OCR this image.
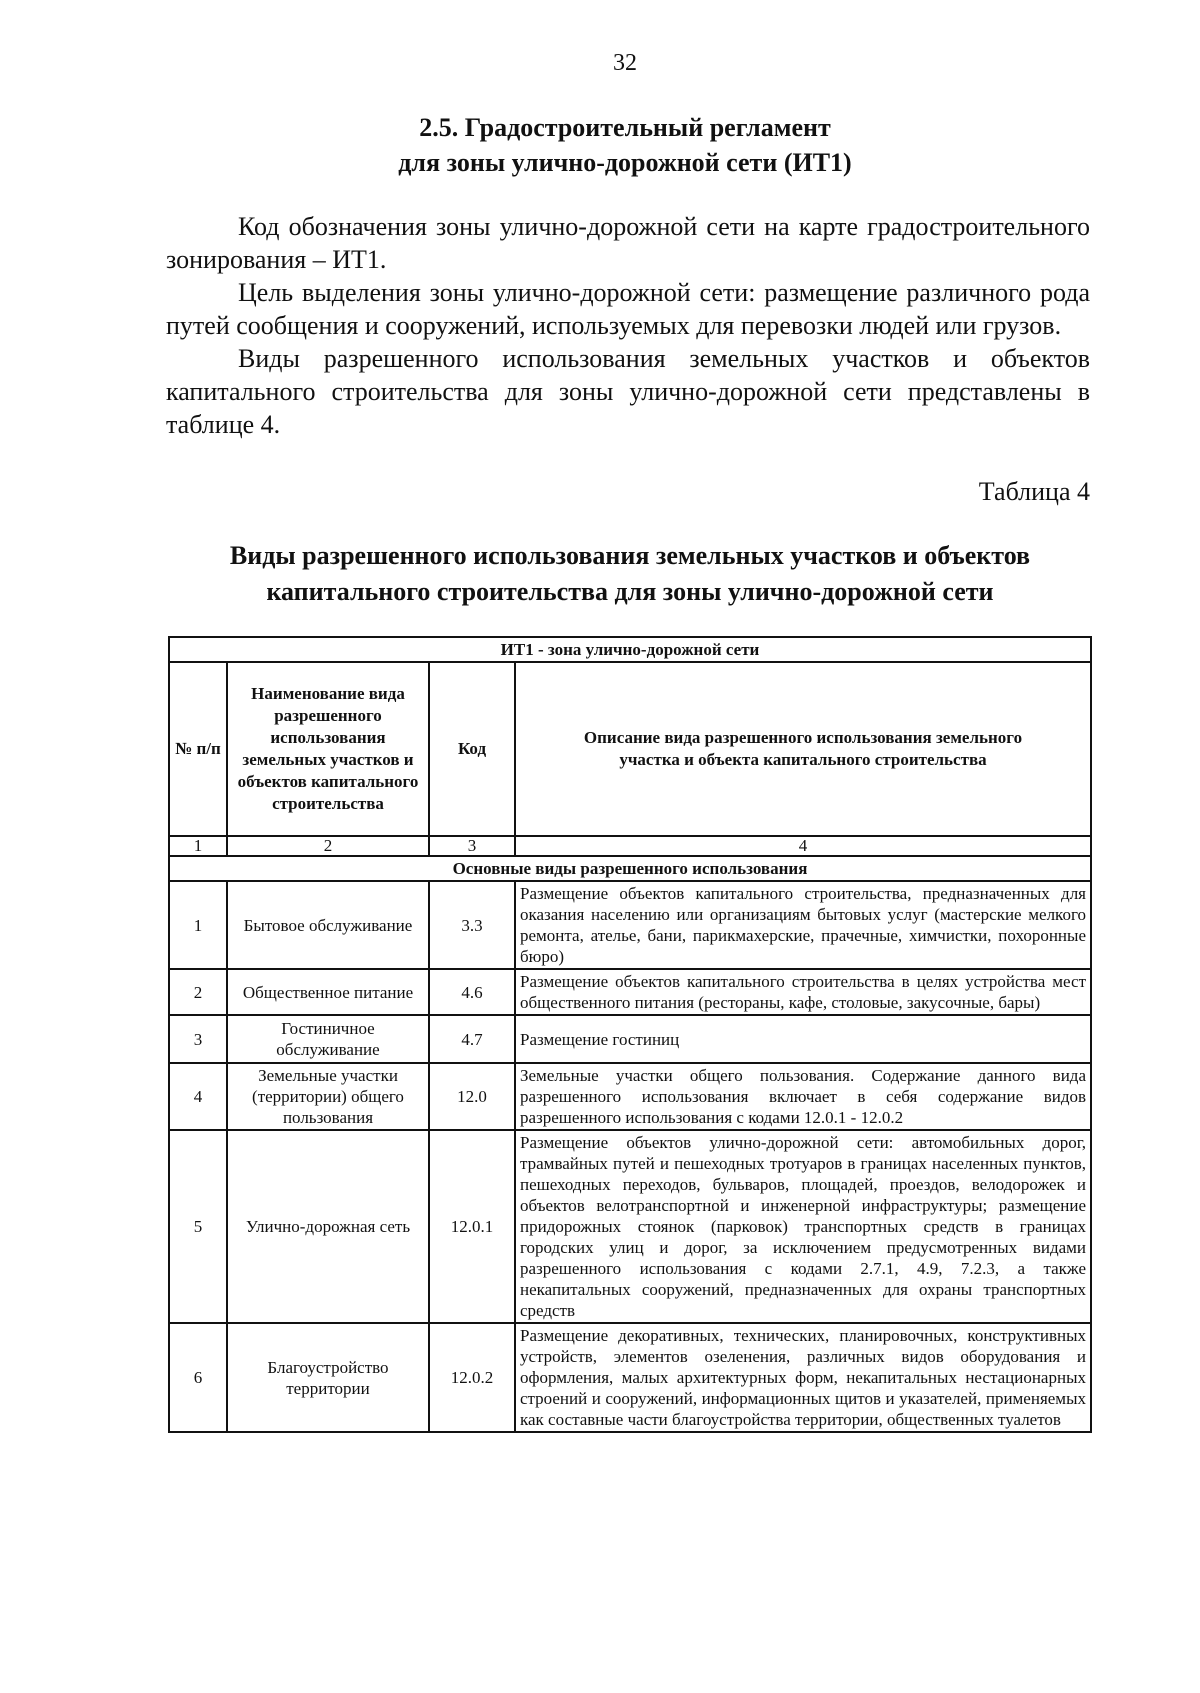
32
2.5. Градостроительный регламент
для зоны улично-дорожной сети (ИТ1)

Код обозначения зоны улично-дорожной сети на карте градостроительного зонирования – ИТ1.

Цель выделения зоны улично-дорожной сети: размещение различного рода путей сообщения и сооружений, используемых для перевозки людей или грузов.

Виды разрешенного использования земельных участков и объектов капитального строительства для зоны улично-дорожной сети представлены в таблице 4.

Таблица 4
Виды разрешенного использования земельных участков и объектов
капитального строительства для зоны улично-дорожной сети
ИТ1 - зона улично-дорожной сети			
№ п/п	Наименование вида разрешенного использования земельных участков и объектов капитального строительства	Код	Описание вида разрешенного использования земельного участка и объекта капитального строительства
1	2	3	4
Основные виды разрешенного использования			
1	Бытовое обслуживание	3.3	Размещение объектов капитального строительства, предназначенных для оказания населению или организациям бытовых услуг (мастерские мелкого ремонта, ателье, бани, парикмахерские, прачечные, химчистки, похоронные бюро)
2	Общественное питание	4.6	Размещение объектов капитального строительства в целях устройства мест общественного питания (рестораны, кафе, столовые, закусочные, бары)
3	Гостиничное обслуживание	4.7	Размещение гостиниц
4	Земельные участки (территории) общего пользования	12.0	Земельные участки общего пользования. Содержание данного вида разрешенного использования включает в себя содержание видов разрешенного использования с кодами 12.0.1 - 12.0.2
5	Улично-дорожная сеть	12.0.1	Размещение объектов улично-дорожной сети: автомобильных дорог, трамвайных путей и пешеходных тротуаров в границах населенных пунктов, пешеходных переходов, бульваров, площадей, проездов, велодорожек и объектов велотранспортной и инженерной инфраструктуры; размещение придорожных стоянок (парковок) транспортных средств в границах городских улиц и дорог, за исключением предусмотренных видами разрешенного использования с кодами 2.7.1, 4.9, 7.2.3, а также некапитальных сооружений, предназначенных для охраны транспортных средств
6	Благоустройство территории	12.0.2	Размещение декоративных, технических, планировочных, конструктивных устройств, элементов озеленения, различных видов оборудования и оформления, малых архитектурных форм, некапитальных нестационарных строений и сооружений, информационных щитов и указателей, применяемых как составные части благоустройства территории, общественных туалетов
